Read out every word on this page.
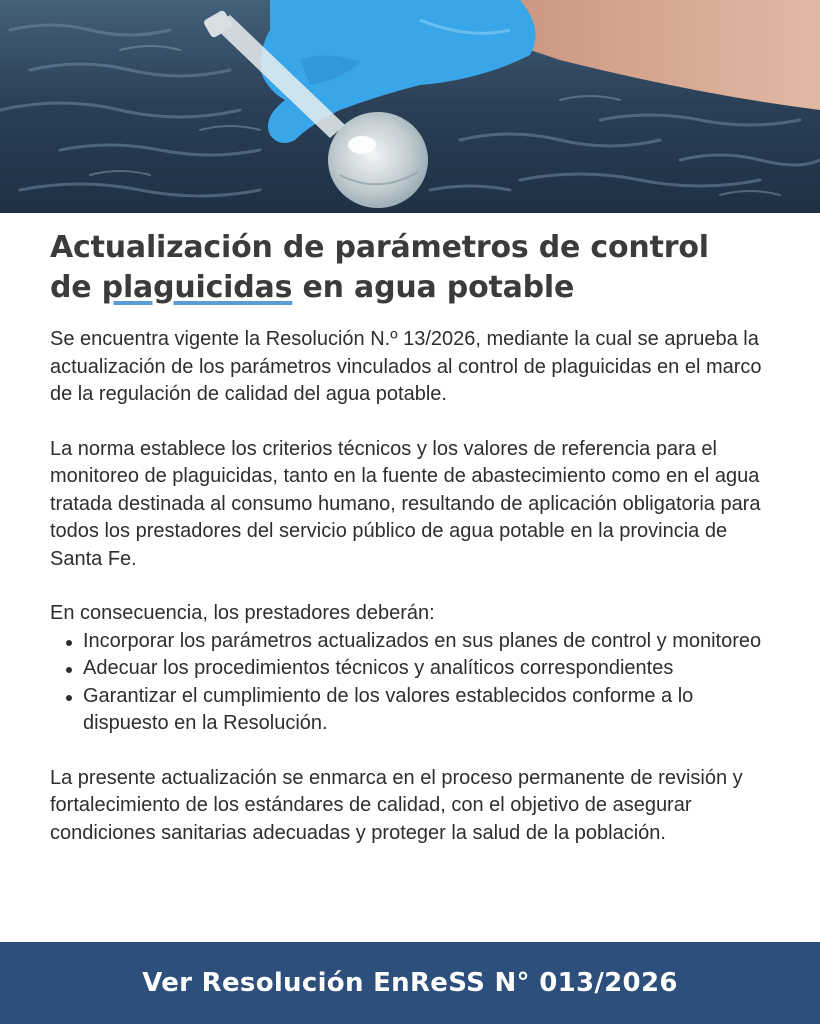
Actualización de parámetros de control
de plaguicidas en agua potable

Se encuentra vigente la Resolución N.º 13/2026, mediante la cual se aprueba la actualización de los parámetros vinculados al control de plaguicidas en el marco de la regulación de calidad del agua potable.

La norma establece los criterios técnicos y los valores de referencia para el monitoreo de plaguicidas, tanto en la fuente de abastecimiento como en el agua tratada destinada al consumo humano, resultando de aplicación obligatoria para todos los prestadores del servicio público de agua potable en la provincia de Santa Fe.

En consecuencia, los prestadores deberán:
Incorporar los parámetros actualizados en sus planes de control y monitoreo
Adecuar los procedimientos técnicos y analíticos correspondientes
Garantizar el cumplimiento de los valores establecidos conforme a lo dispuesto en la Resolución.

La presente actualización se enmarca en el proceso permanente de revisión y fortalecimiento de los estándares de calidad, con el objetivo de asegurar condiciones sanitarias adecuadas y proteger la salud de la población.

Ver Resolución EnReSS N° 013/2026
